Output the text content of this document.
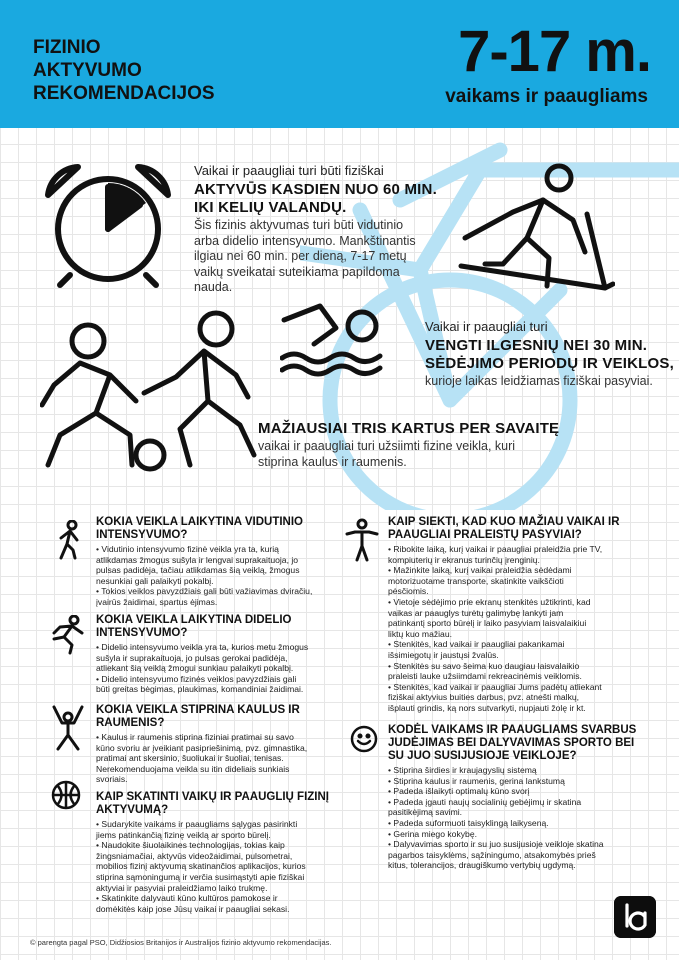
FIZINIO
AKTYVUMO
REKOMENDACIJOS
7-17 m.
vaikams ir paaugliams
Vaikai ir paaugliai turi būti fiziškai
AKTYVŪS KASDIEN NUO 60 MIN.
IKI KELIŲ VALANDŲ.
Šis fizinis aktyvumas turi būti vidutinio
arba didelio intensyvumo. Mankštinantis
ilgiau nei 60 min. per dieną, 7-17 metų
vaikų sveikatai suteikiama papildoma
nauda.
Vaikai ir paaugliai turi
VENGTI ILGESNIŲ NEI 30 MIN.
SĖDĖJIMO PERIODŲ IR VEIKLOS,
kurioje laikas leidžiamas fiziškai pasyviai.
MAŽIAUSIAI TRIS KARTUS PER SAVAITĘ
vaikai ir paaugliai turi užsiimti fizine veikla, kuri
stiprina kaulus ir raumenis.
KOKIA VEIKLA LAIKYTINA VIDUTINIO
INTENSYVUMO?
• Vidutinio intensyvumo fizinė veikla yra ta, kurią
atlikdamas žmogus sušyla ir lengvai suprakaituoja, jo
pulsas padidėja, tačiau atlikdamas šią veiklą, žmogus
nesunkiai gali palaikyti pokalbį.
• Tokios veiklos pavyzdžiais gali būti važiavimas dviračiu,
įvairūs žaidimai, spartus ėjimas.
KOKIA VEIKLA LAIKYTINA DIDELIO
INTENSYVUMO?
• Didelio intensyvumo veikla yra ta, kurios metu žmogus
sušyla ir suprakaituoja, jo pulsas gerokai padidėja,
atliekant šią veiklą žmogui sunkiau palaikyti pokalbį.
• Didelio intensyvumo fizinės veiklos pavyzdžiais gali
būti greitas bėgimas, plaukimas, komandiniai žaidimai.
KOKIA VEIKLA STIPRINA KAULUS IR
RAUMENIS?
• Kaulus ir raumenis stiprina fiziniai pratimai su savo
kūno svoriu ar įveikiant pasipriešinimą, pvz. gimnastika,
pratimai ant skersinio, šuoliukai ir šuoliai, tenisas.
Nerekomenduojama veikla su itin dideliais sunkiais
svoriais.
KAIP SKATINTI VAIKŲ IR PAAUGLIŲ FIZINĮ
AKTYVUMĄ?
• Sudarykite vaikams ir paaugliams sąlygas pasirinkti
jiems patinkančią fizinę veiklą ar sporto būrelį.
• Naudokite šiuolaikines technologijas, tokias kaip
žingsniamačiai, aktyvūs videožaidimai, pulsometrai,
mobilios fizinį aktyvumą skatinančios aplikacijos, kurios
stiprina sąmoningumą ir verčia susimąstyti apie fiziškai
aktyviai ir pasyviai praleidžiamo laiko trukmę.
• Skatinkite dalyvauti kūno kultūros pamokose ir
domėkitės kaip jose Jūsų vaikai ir paaugliai sekasi.
KAIP SIEKTI, KAD KUO MAŽIAU VAIKAI IR
PAAUGLIAI PRALEISTŲ PASYVIAI?
• Ribokite laiką, kurį vaikai ir paaugliai praleidžia prie TV,
kompiuterių ir ekranus turinčių įrenginių.
• Mažinkite laiką, kurį vaikai praleidžia sėdėdami
motorizuotame transporte, skatinkite vaikščioti
pėsčiomis.
• Vietoje sėdėjimo prie ekranų stenkitės užtikrinti, kad
vaikas ar paauglys turėtų galimybę lankyti jam
patinkantį sporto būrelį ir laiko pasyviam laisvalaikiui
liktų kuo mažiau.
• Stenkitės, kad vaikai ir paaugliai pakankamai
išsimiegotų ir jaustųsi žvalūs.
• Stenkitės su savo šeima kuo daugiau laisvalaikio
praleisti lauke užsiimdami rekreacinėmis veiklomis.
• Stenkitės, kad vaikai ir paaugliai Jums padėtų atliekant
fiziškai aktyvius buities darbus, pvz. atnešti malkų,
išplauti grindis, ką nors sutvarkyti, nupjauti žolę ir kt.
KODĖL VAIKAMS IR PAAUGLIAMS SVARBUS
JUDĖJIMAS BEI DALYVAVIMAS SPORTO BEI
SU JUO SUSIJUSIOJE VEIKLOJE?
• Stiprina širdies ir kraujagyslių sistemą
• Stiprina kaulus ir raumenis, gerina lankstumą
• Padeda išlaikyti optimalų kūno svorį
• Padeda įgauti naujų socialinių gebėjimų ir skatina
pasitikėjimą savimi.
• Padeda suformuoti taisyklingą laikyseną.
• Gerina miego kokybę.
• Dalyvavimas sporto ir su juo susijusioje veikloje skatina
pagarbos taisyklėms, sąžiningumo, atsakomybės prieš
kitus, tolerancijos, draugiškumo vertybių ugdymą.
© parengta pagal PSO, Didžiosios Britanijos ir Australijos fizinio aktyvumo rekomendacijas.
